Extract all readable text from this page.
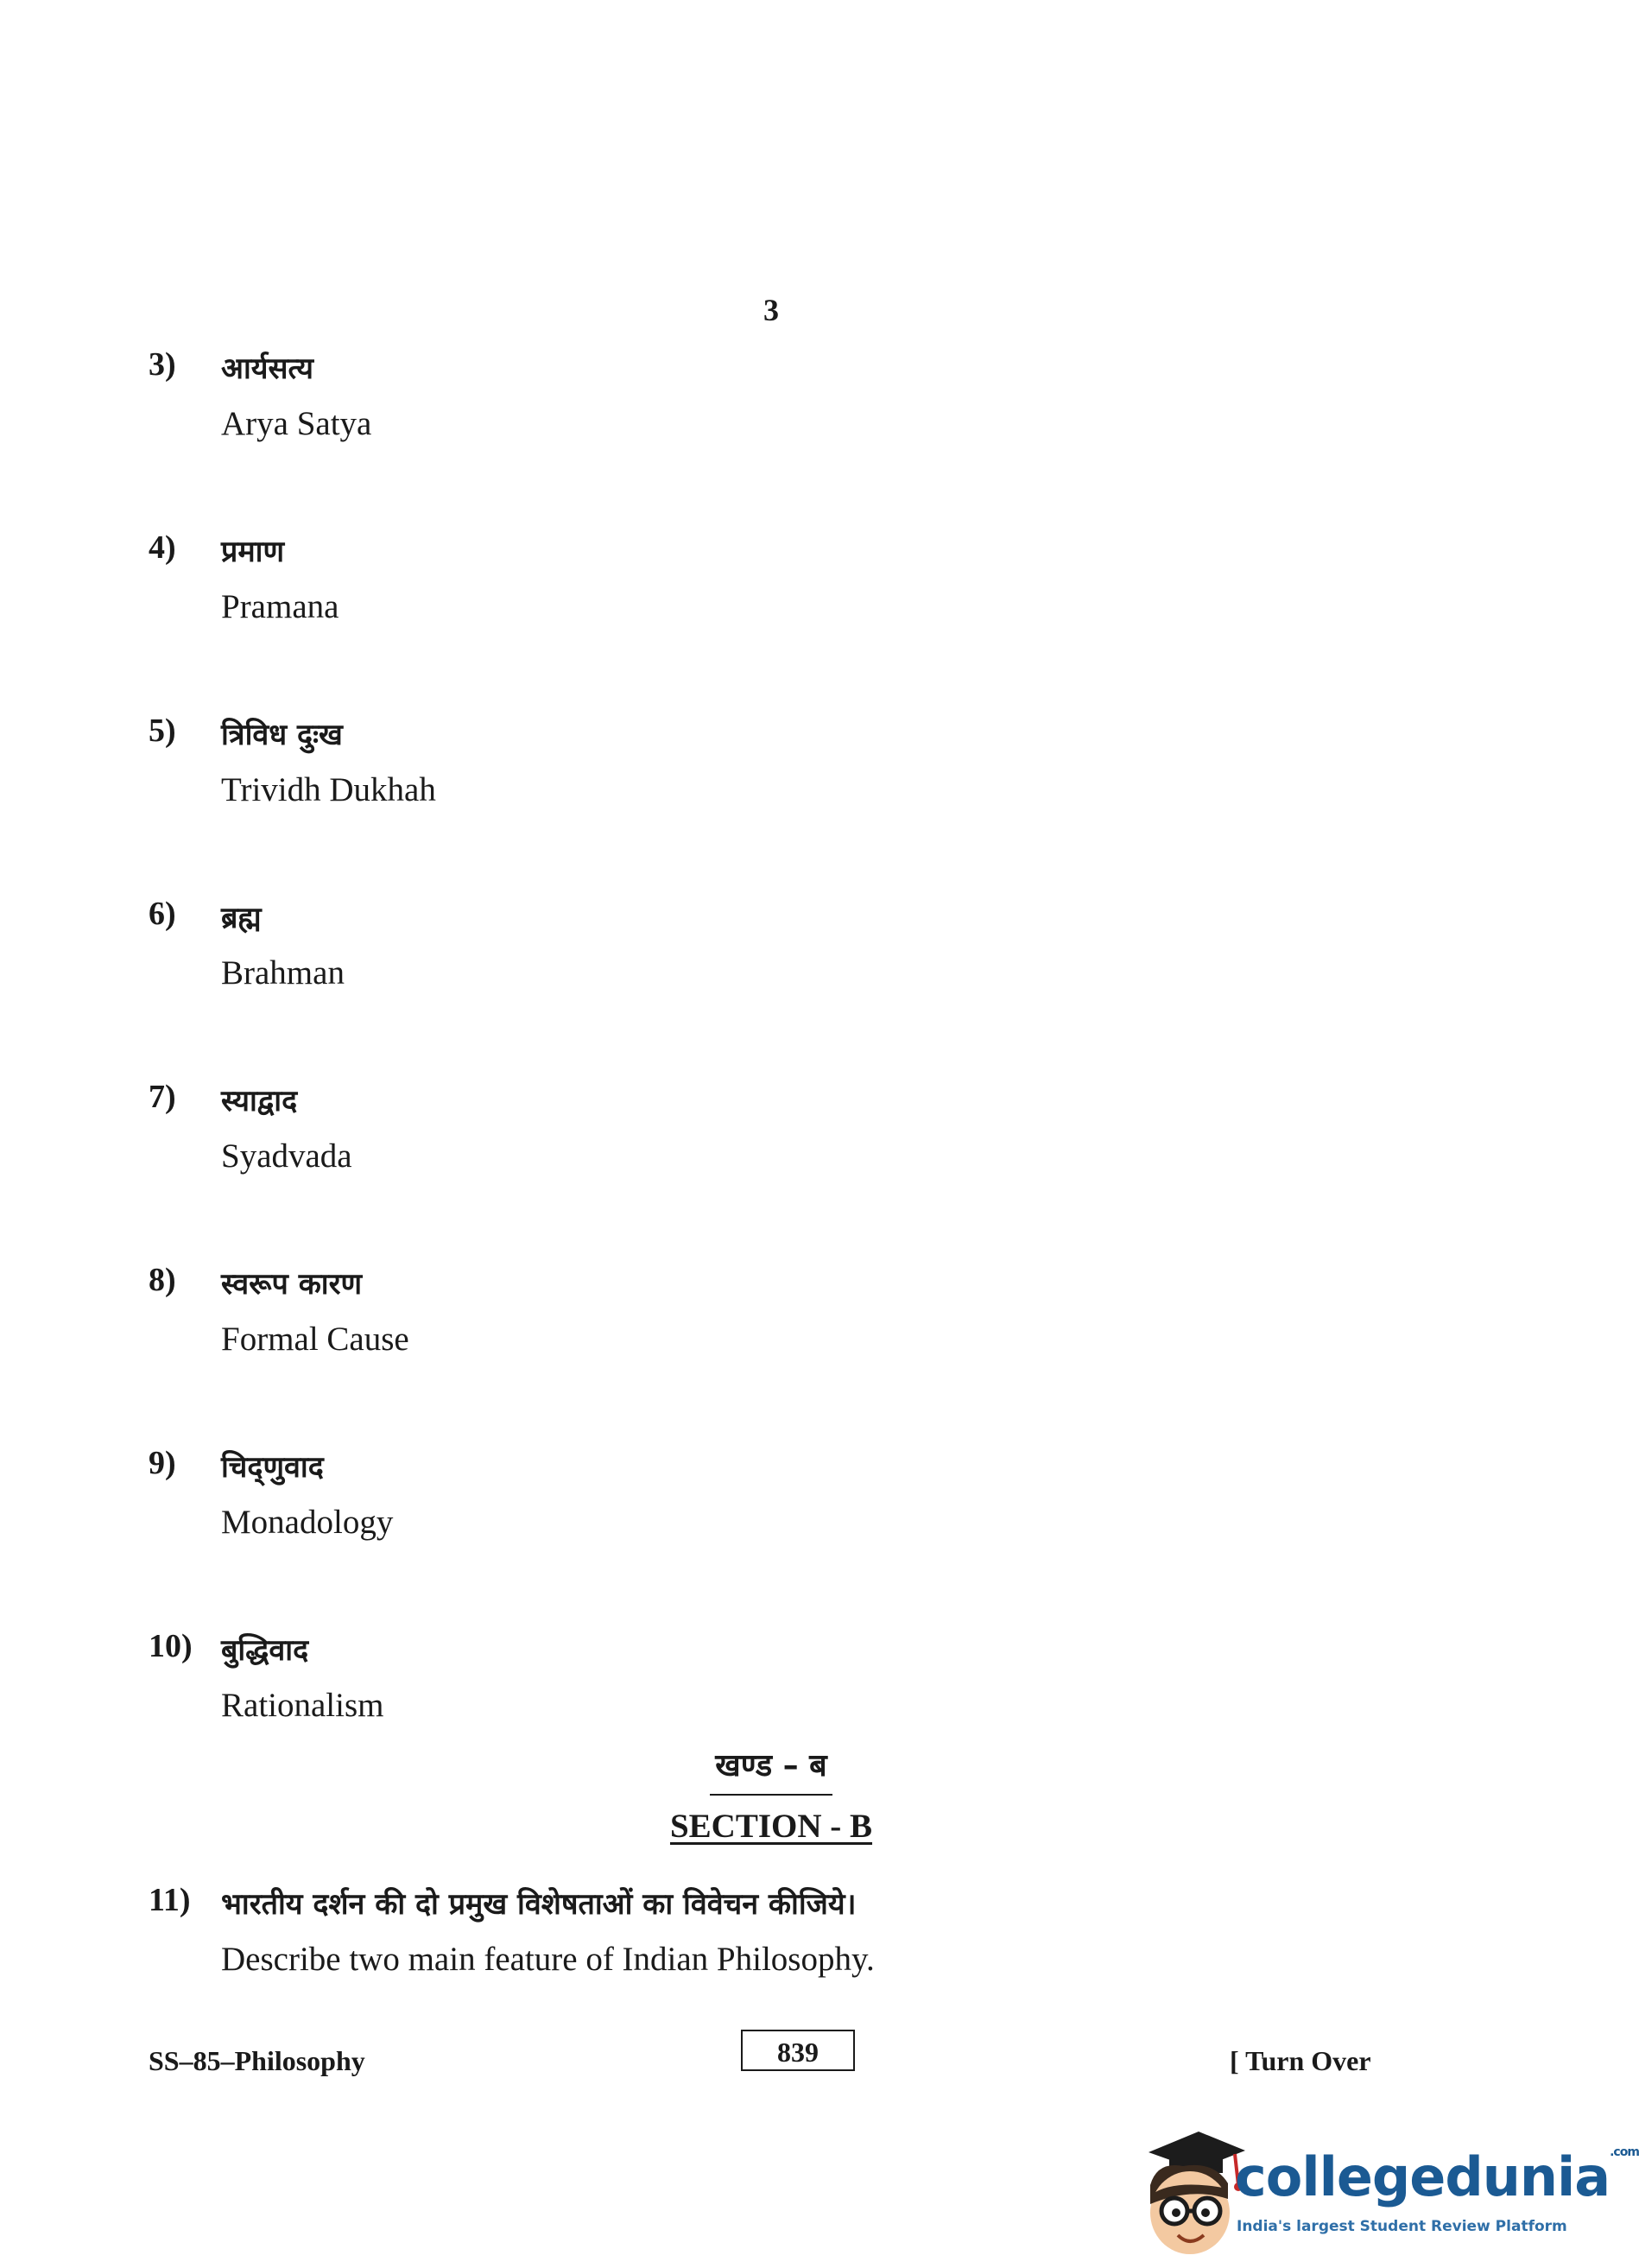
3
3) आर्यसत्य
Arya Satya
4) प्रमाण
Pramana
5) त्रिविध दुःख
Trividh Dukhah
6) ब्रह्म
Brahman
7) स्याद्वाद
Syadvada
8) स्वरूप कारण
Formal Cause
9) चिद्णुवाद
Monadology
10) बुद्धिवाद
Rationalism
खण्ड – ब
SECTION - B
11) भारतीय दर्शन की दो प्रमुख विशेषताओं का विवेचन कीजिये।
Describe two main feature of Indian Philosophy.
SS–85–Philosophy	839	[ Turn Over
collegedunia$^{.com}$
India's largest Student Review Platform
